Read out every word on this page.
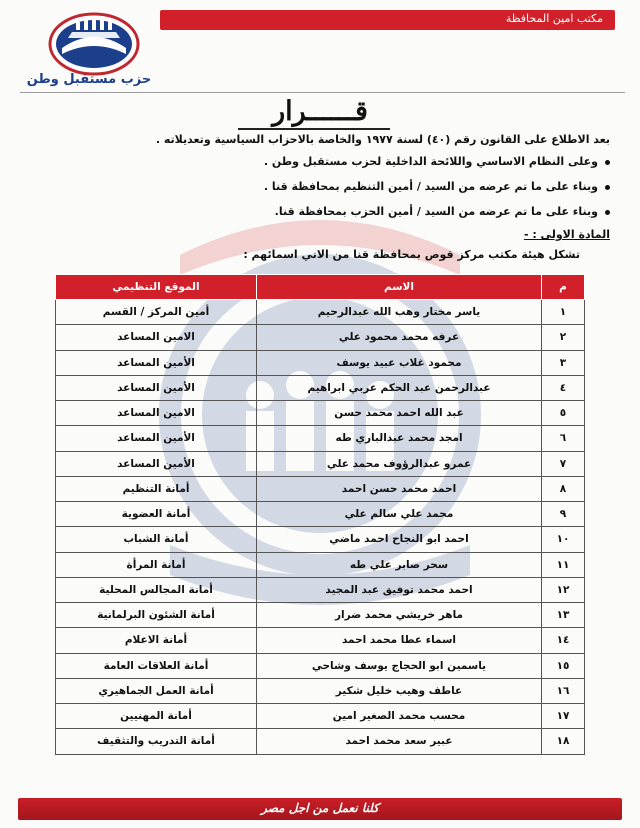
مكتب امين المحافظة
حزب مستقبل وطن
قــــــرار
بعد الاطلاع على القانون رقم (٤٠) لسنة ١٩٧٧ والخاصة بالاحزاب السياسية وتعديلاته .
وعلى النظام الاساسي واللائحة الداخلية لحزب مستقبل وطن .
وبناء على ما تم عرضه من السيد / أمين التنظيم بمحافظة قنا .
وبناء على ما تم عرضه من السيد / أمين الحزب بمحافظة قنا.
المادة الاولى : -
تشكل هيئة مكتب مركز قوص بمحافظة قنا من الاتي اسمائهم :
م	الاسم	الموقع التنظيمي
١	ياسر مختار وهب الله عبدالرحيم	أمين المركز / القسم
٢	عرفه محمد محمود علي	الامين المساعد
٣	محمود غلاب عبيد يوسف	الأمين المساعد
٤	عبدالرحمن عبد الحكم عربي ابراهيم	الأمين المساعد
٥	عبد الله احمد محمد حسن	الامين المساعد
٦	امجد محمد عبدالباري طه	الأمين المساعد
٧	عمرو عبدالرؤوف محمد علي	الأمين المساعد
٨	احمد محمد حسن احمد	أمانة التنظيم
٩	محمد علي سالم علي	أمانة العضوية
١٠	احمد ابو النجاح احمد ماضي	أمانة الشباب
١١	سحر صابر علي طه	أمانة المرأة
١٢	احمد محمد توفيق عبد المجيد	أمانة المجالس المحلية
١٣	ماهر خريشي محمد ضرار	أمانة الشئون البرلمانية
١٤	اسماء عطا محمد احمد	أمانة الاعلام
١٥	ياسمين ابو الحجاج يوسف وشاحي	أمانة العلاقات العامة
١٦	عاطف وهيب خليل شكير	أمانة العمل الجماهيري
١٧	محسب محمد الصغير امين	أمانة المهنيين
١٨	عبير سعد محمد احمد	أمانة التدريب والتثقيف
كلنا نعمل من اجل مصر
